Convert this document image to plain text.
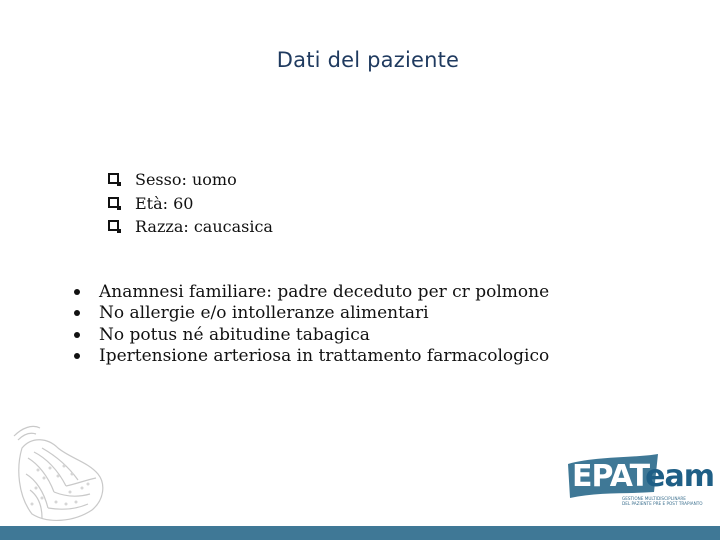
Dati del paziente
Sesso: uomo
Età: 60
Razza: caucasica
Anamnesi familiare: padre deceduto per cr polmone
No allergie e/o intolleranze alimentari
No potus né abitudine tabagica
Ipertensione arteriosa in trattamento farmacologico
EPATeam
GESTIONE MULTIDISCIPLINARE
DEL PAZIENTE PRE E POST TRAPIANTO
